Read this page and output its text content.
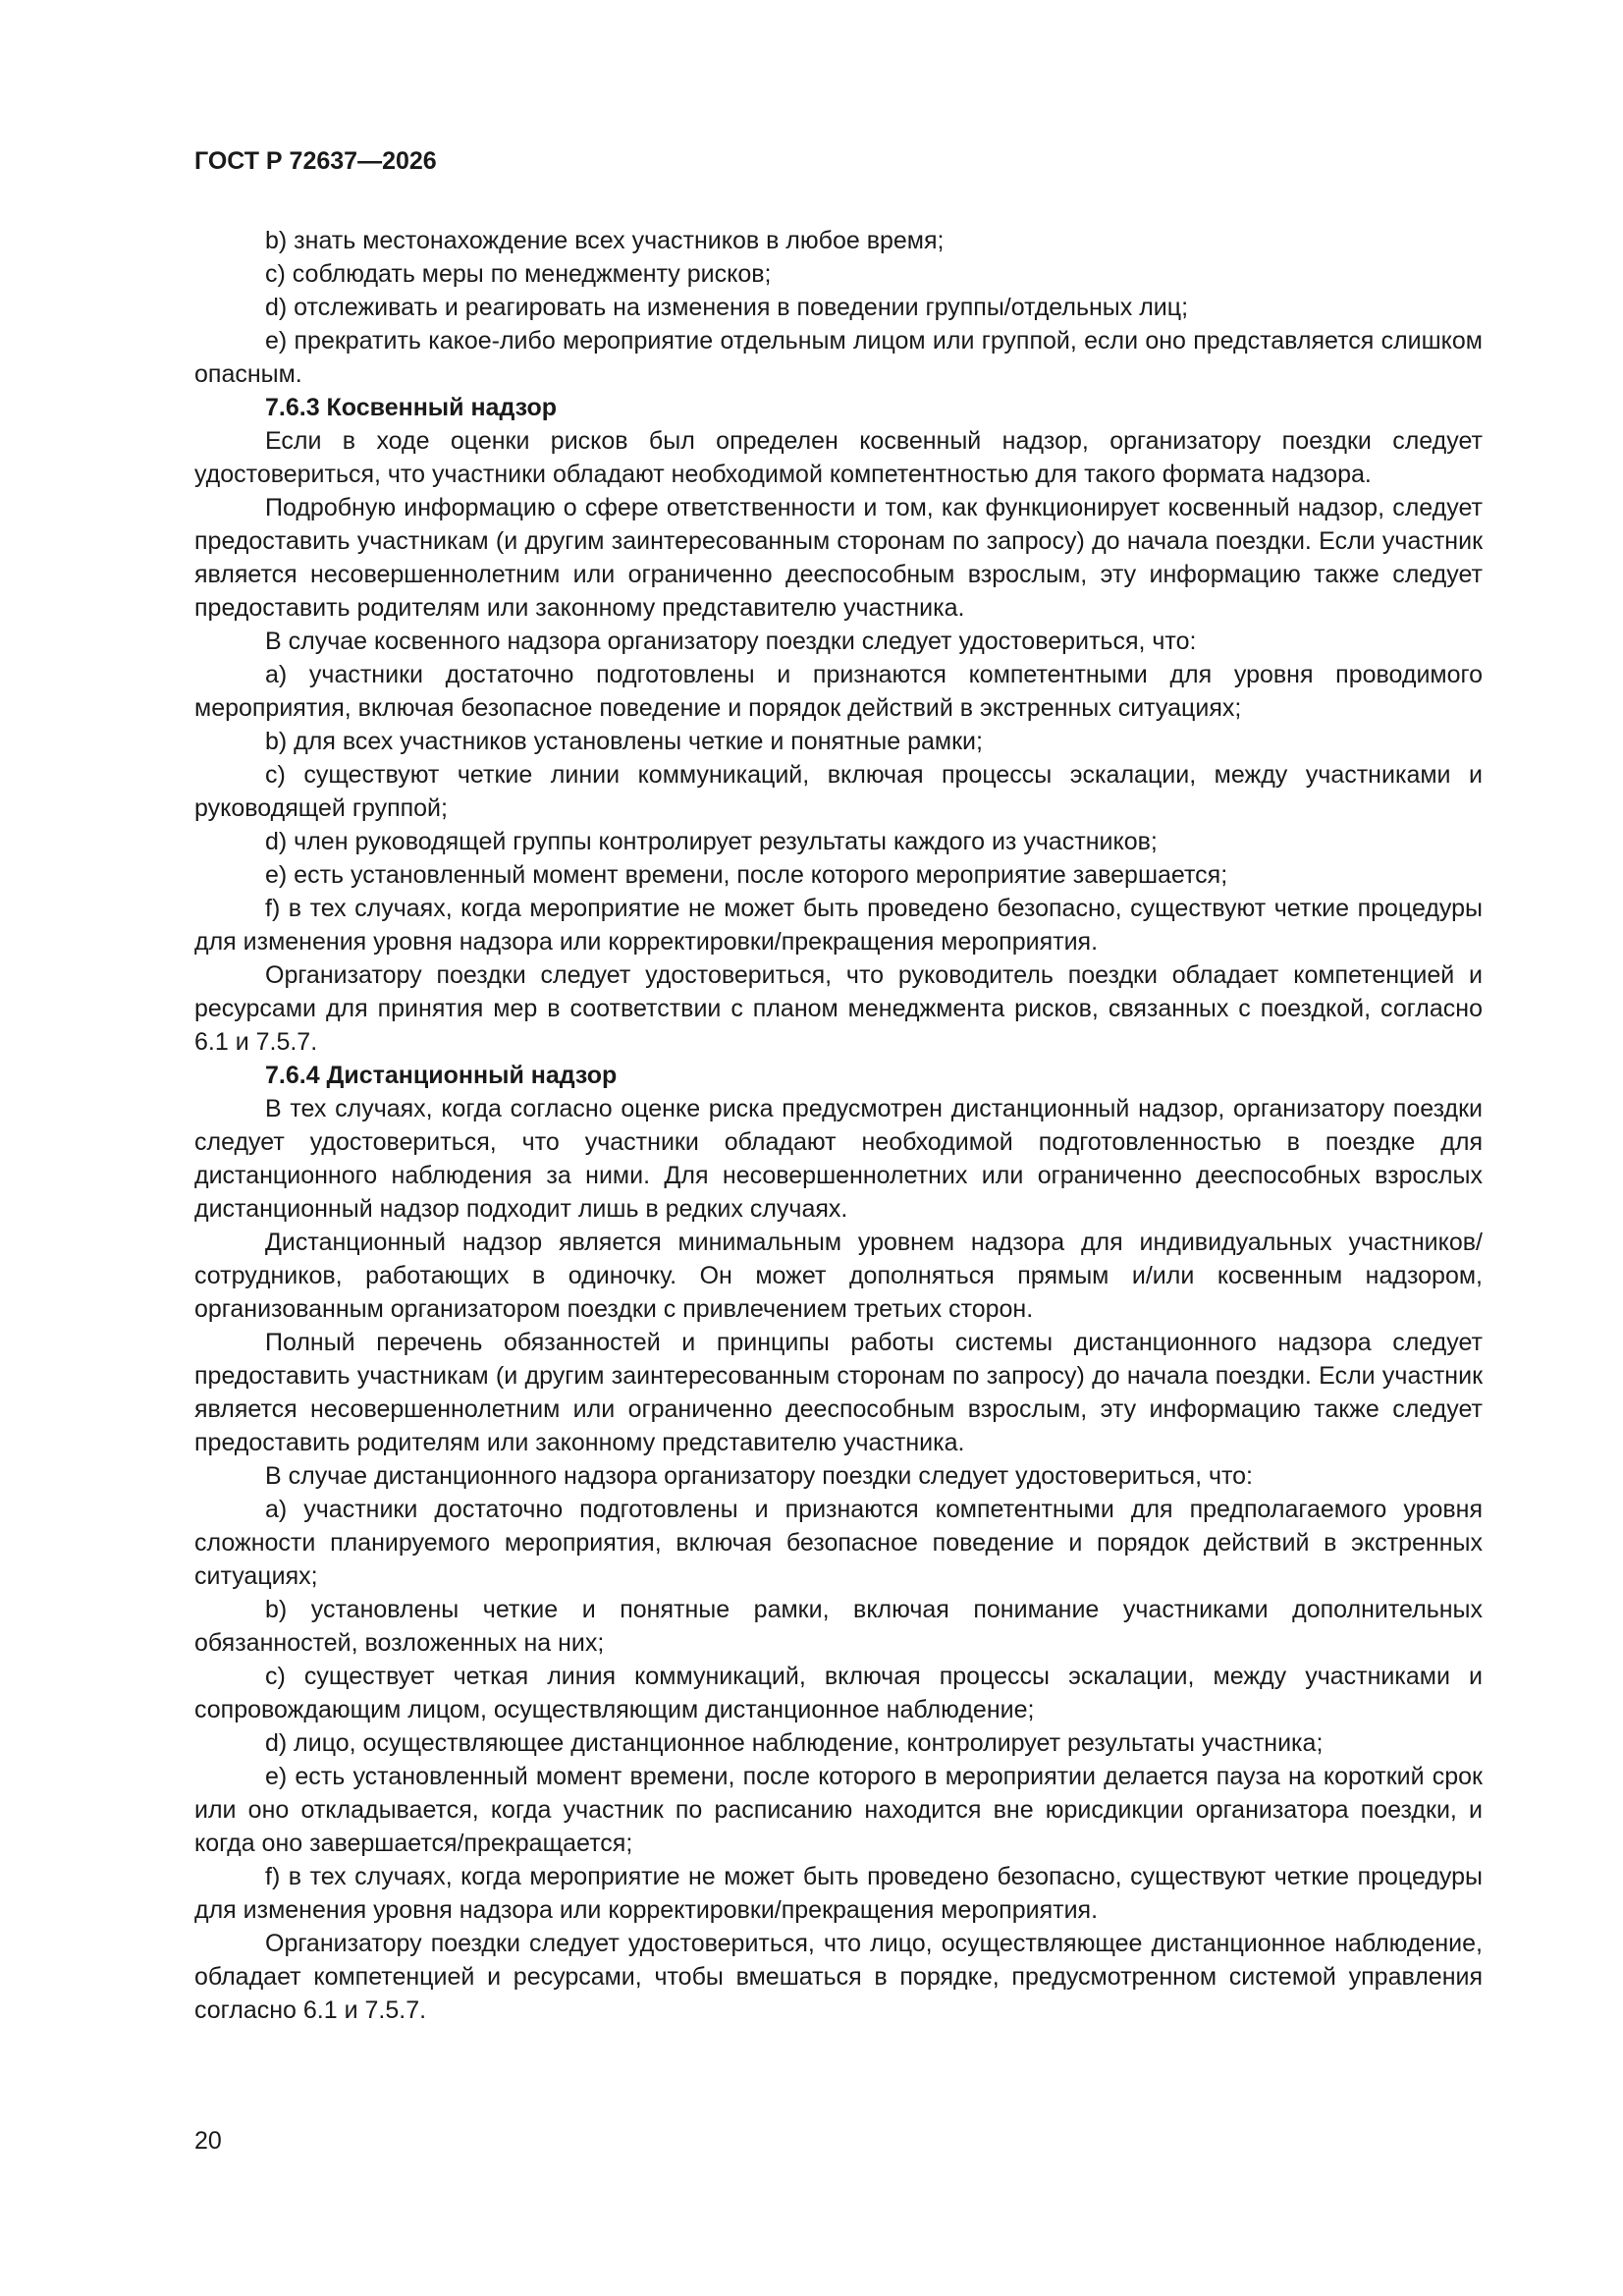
ГОСТ Р 72637—2026

b) знать местонахождение всех участников в любое время;

c) соблюдать меры по менеджменту рисков;

d) отслеживать и реагировать на изменения в поведении группы/отдельных лиц;

e) прекратить какое-либо мероприятие отдельным лицом или группой, если оно представляется слишком опасным.

7.6.3 Косвенный надзор

Если в ходе оценки рисков был определен косвенный надзор, организатору поездки следует удостовериться, что участники обладают необходимой компетентностью для такого формата надзора.

Подробную информацию о сфере ответственности и том, как функционирует косвенный надзор, следует предоставить участникам (и другим заинтересованным сторонам по запросу) до начала поездки. Если участник является несовершеннолетним или ограниченно дееспособным взрослым, эту информацию также следует предоставить родителям или законному представителю участника.

В случае косвенного надзора организатору поездки следует удостовериться, что:

a) участники достаточно подготовлены и признаются компетентными для уровня проводимого мероприятия, включая безопасное поведение и порядок действий в экстренных ситуациях;

b) для всех участников установлены четкие и понятные рамки;

c) существуют четкие линии коммуникаций, включая процессы эскалации, между участниками и руководящей группой;

d) член руководящей группы контролирует результаты каждого из участников;

e) есть установленный момент времени, после которого мероприятие завершается;

f) в тех случаях, когда мероприятие не может быть проведено безопасно, существуют четкие процедуры для изменения уровня надзора или корректировки/прекращения мероприятия.

Организатору поездки следует удостовериться, что руководитель поездки обладает компетенцией и ресурсами для принятия мер в соответствии с планом менеджмента рисков, связанных с поездкой, согласно 6.1 и 7.5.7.

7.6.4 Дистанционный надзор

В тех случаях, когда согласно оценке риска предусмотрен дистанционный надзор, организатору поездки следует удостовериться, что участники обладают необходимой подготовленностью в поездке для дистанционного наблюдения за ними. Для несовершеннолетних или ограниченно дееспособных взрослых дистанционный надзор подходит лишь в редких случаях.

Дистанционный надзор является минимальным уровнем надзора для индивидуальных участников/сотрудников, работающих в одиночку. Он может дополняться прямым и/или косвенным надзором, организованным организатором поездки с привлечением третьих сторон.

Полный перечень обязанностей и принципы работы системы дистанционного надзора следует предоставить участникам (и другим заинтересованным сторонам по запросу) до начала поездки. Если участник является несовершеннолетним или ограниченно дееспособным взрослым, эту информацию также следует предоставить родителям или законному представителю участника.

В случае дистанционного надзора организатору поездки следует удостовериться, что:

a) участники достаточно подготовлены и признаются компетентными для предполагаемого уровня сложности планируемого мероприятия, включая безопасное поведение и порядок действий в экстренных ситуациях;

b) установлены четкие и понятные рамки, включая понимание участниками дополнительных обязанностей, возложенных на них;

c) существует четкая линия коммуникаций, включая процессы эскалации, между участниками и сопровождающим лицом, осуществляющим дистанционное наблюдение;

d) лицо, осуществляющее дистанционное наблюдение, контролирует результаты участника;

e) есть установленный момент времени, после которого в мероприятии делается пауза на короткий срок или оно откладывается, когда участник по расписанию находится вне юрисдикции организатора поездки, и когда оно завершается/прекращается;

f) в тех случаях, когда мероприятие не может быть проведено безопасно, существуют четкие процедуры для изменения уровня надзора или корректировки/прекращения мероприятия.

Организатору поездки следует удостовериться, что лицо, осуществляющее дистанционное наблюдение, обладает компетенцией и ресурсами, чтобы вмешаться в порядке, предусмотренном системой управления согласно 6.1 и 7.5.7.

20
